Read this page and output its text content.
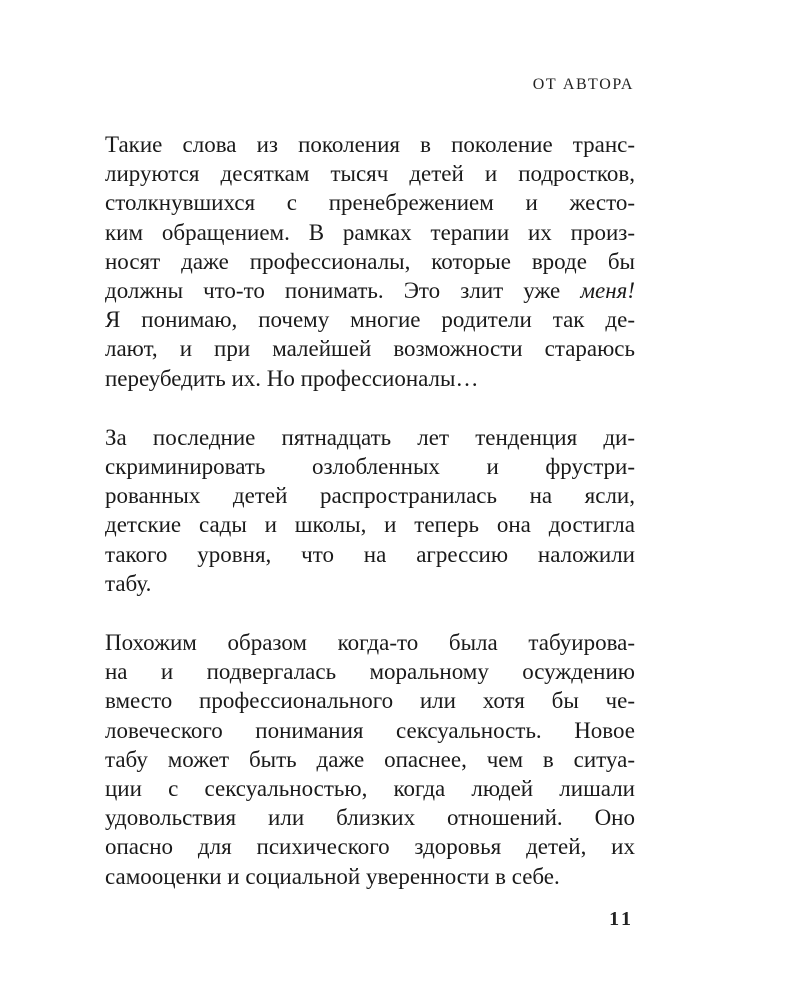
ОТ АВТОРА

Такие слова из поколения в поколение транс-
лируются десяткам тысяч детей и подростков,
столкнувшихся с пренебрежением и жесто-
ким обращением. В рамках терапии их произ-
носят даже профессионалы, которые вроде бы
должны что-то понимать. Это злит уже меня!
Я понимаю, почему многие родители так де-
лают, и при малейшей возможности стараюсь
переубедить их. Но профессионалы…

За последние пятнадцать лет тенденция ди-
скриминировать озлобленных и фрустри-
рованных детей распространилась на ясли,
детские сады и школы, и теперь она достигла
такого уровня, что на агрессию наложили
табу.

Похожим образом когда-то была табуирова-
на и подвергалась моральному осуждению
вместо профессионального или хотя бы че-
ловеческого понимания сексуальность. Новое
табу может быть даже опаснее, чем в ситуа-
ции с сексуальностью, когда людей лишали
удовольствия или близких отношений. Оно
опасно для психического здоровья детей, их
самооценки и социальной уверенности в себе.

11
